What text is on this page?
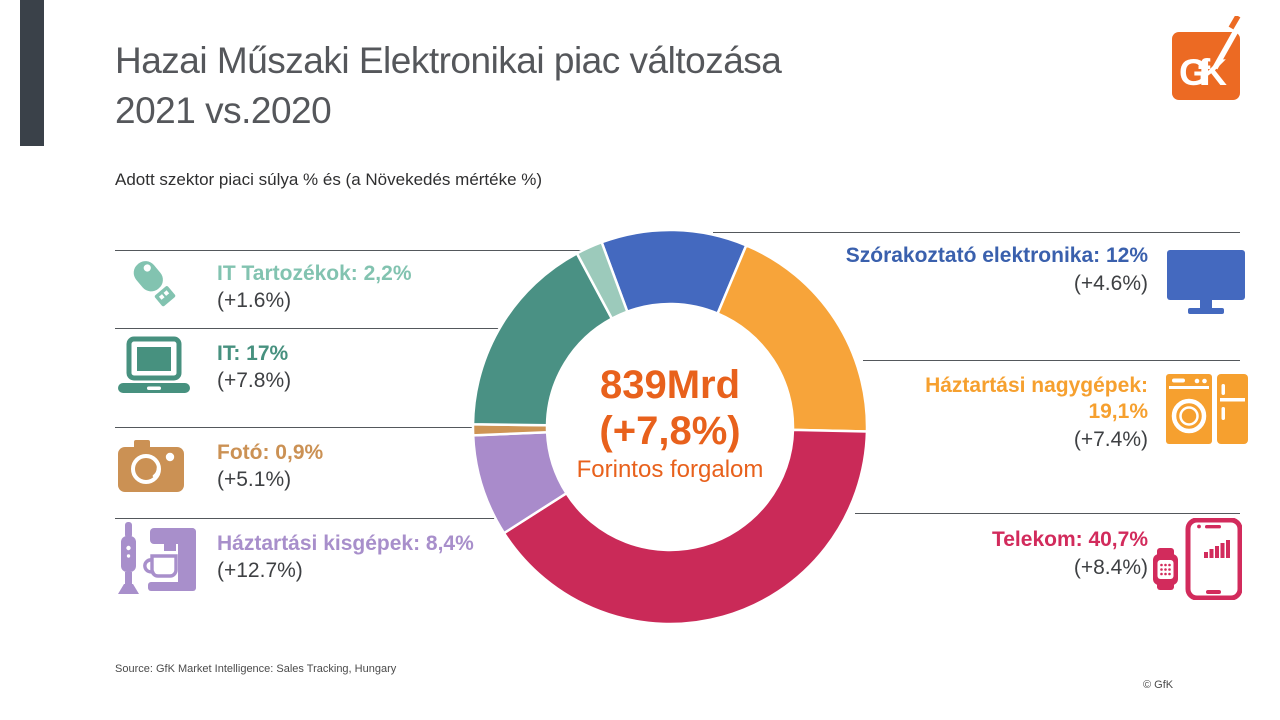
Hazai Műszaki Elektronikai piac változása
2021 vs.2020
Adott szektor piaci súlya % és (a Növekedés mértéke %)
GfK
IT Tartozékok: 2,2%
(+1.6%)
IT: 17%
(+7.8%)
Fotó: 0,9%
(+5.1%)
Háztartási kisgépek: 8,4%
(+12.7%)
Szórakoztató elektronika: 12%
(+4.6%)
Háztartási nagygépek: 19,1%
(+7.4%)
Telekom: 40,7%
(+8.4%)
839Mrd
(+7,8%)
Forintos forgalom
Source: GfK Market Intelligence: Sales Tracking, Hungary
© GfK
